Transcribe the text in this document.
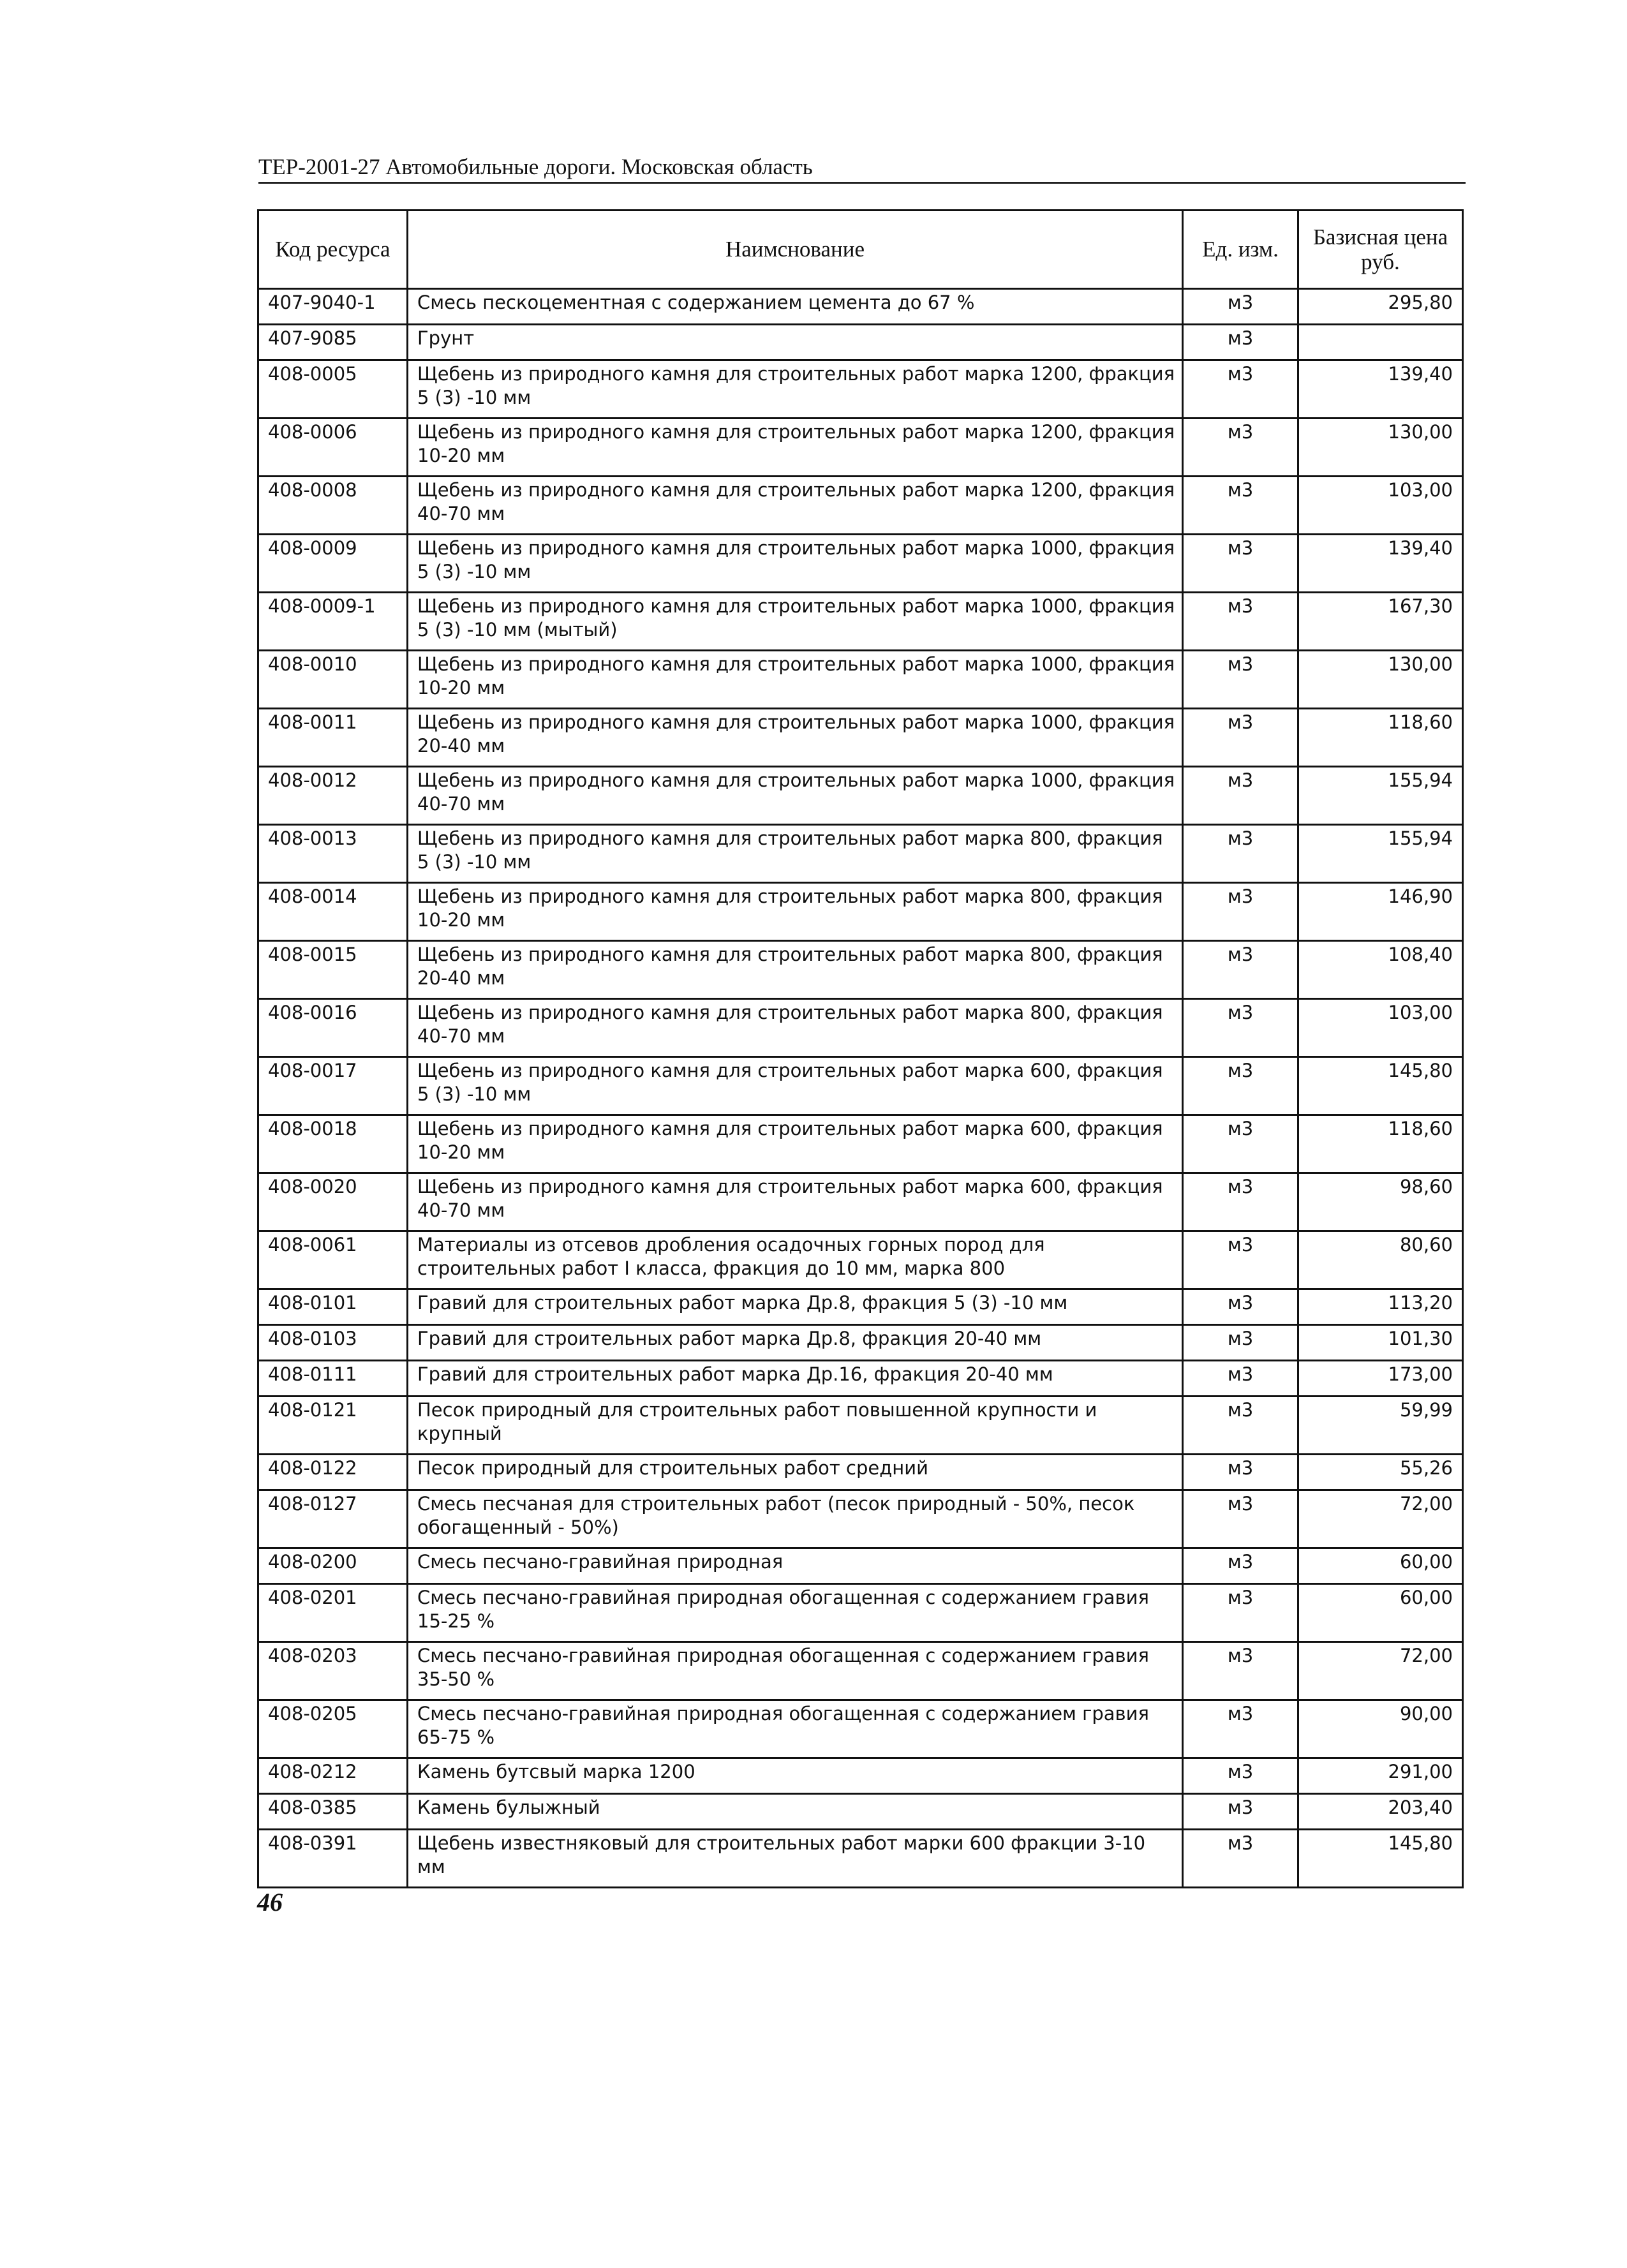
ТЕР-2001-27 Автомобильные дороги. Московская область
Код ресурса	Наимснование	Ед. изм.	Базисная цена руб.
407-9040-1	Смесь пескоцементная с содержанием цемента до 67 %	м3	295,80
407-9085	Грунт	м3	
408-0005	Щебень из природного камня для строительных работ марка 1200, фракция 5 (3) -10 мм	м3	139,40
408-0006	Щебень из природного камня для строительных работ марка 1200, фракция 10-20 мм	м3	130,00
408-0008	Щебень из природного камня для строительных работ марка 1200, фракция 40-70 мм	м3	103,00
408-0009	Щебень из природного камня для строительных работ марка 1000, фракция 5 (3) -10 мм	м3	139,40
408-0009-1	Щебень из природного камня для строительных работ марка 1000, фракция 5 (3) -10 мм (мытый)	м3	167,30
408-0010	Щебень из природного камня для строительных работ марка 1000, фракция 10-20 мм	м3	130,00
408-0011	Щебень из природного камня для строительных работ марка 1000, фракция 20-40 мм	м3	118,60
408-0012	Щебень из природного камня для строительных работ марка 1000, фракция 40-70 мм	м3	155,94
408-0013	Щебень из природного камня для строительных работ марка 800, фракция 5 (3) -10 мм	м3	155,94
408-0014	Щебень из природного камня для строительных работ марка 800, фракция 10-20 мм	м3	146,90
408-0015	Щебень из природного камня для строительных работ марка 800, фракция 20-40 мм	м3	108,40
408-0016	Щебень из природного камня для строительных работ марка 800, фракция 40-70 мм	м3	103,00
408-0017	Щебень из природного камня для строительных работ марка 600, фракция 5 (3) -10 мм	м3	145,80
408-0018	Щебень из природного камня для строительных работ марка 600, фракция 10-20 мм	м3	118,60
408-0020	Щебень из природного камня для строительных работ марка 600, фракция 40-70 мм	м3	98,60
408-0061	Материалы из отсевов дробления осадочных горных пород для строительных работ I класса, фракция до 10 мм, марка 800	м3	80,60
408-0101	Гравий для строительных работ марка Др.8, фракция 5 (3) -10 мм	м3	113,20
408-0103	Гравий для строительных работ марка Др.8, фракция 20-40 мм	м3	101,30
408-0111	Гравий для строительных работ марка Др.16, фракция 20-40 мм	м3	173,00
408-0121	Песок природный для строительных работ повышенной крупности и крупный	м3	59,99
408-0122	Песок природный для строительных работ средний	м3	55,26
408-0127	Смесь песчаная для строительных работ (песок природный - 50%, песок обогащенный - 50%)	м3	72,00
408-0200	Смесь песчано-гравийная природная	м3	60,00
408-0201	Смесь песчано-гравийная природная обогащенная с содержанием гравия 15-25 %	м3	60,00
408-0203	Смесь песчано-гравийная природная обогащенная с содержанием гравия 35-50 %	м3	72,00
408-0205	Смесь песчано-гравийная природная обогащенная с содержанием гравия 65-75 %	м3	90,00
408-0212	Камень бутсвый марка 1200	м3	291,00
408-0385	Камень булыжный	м3	203,40
408-0391	Щебень известняковый для строительных работ марки 600 фракции 3-10 мм	м3	145,80
46
